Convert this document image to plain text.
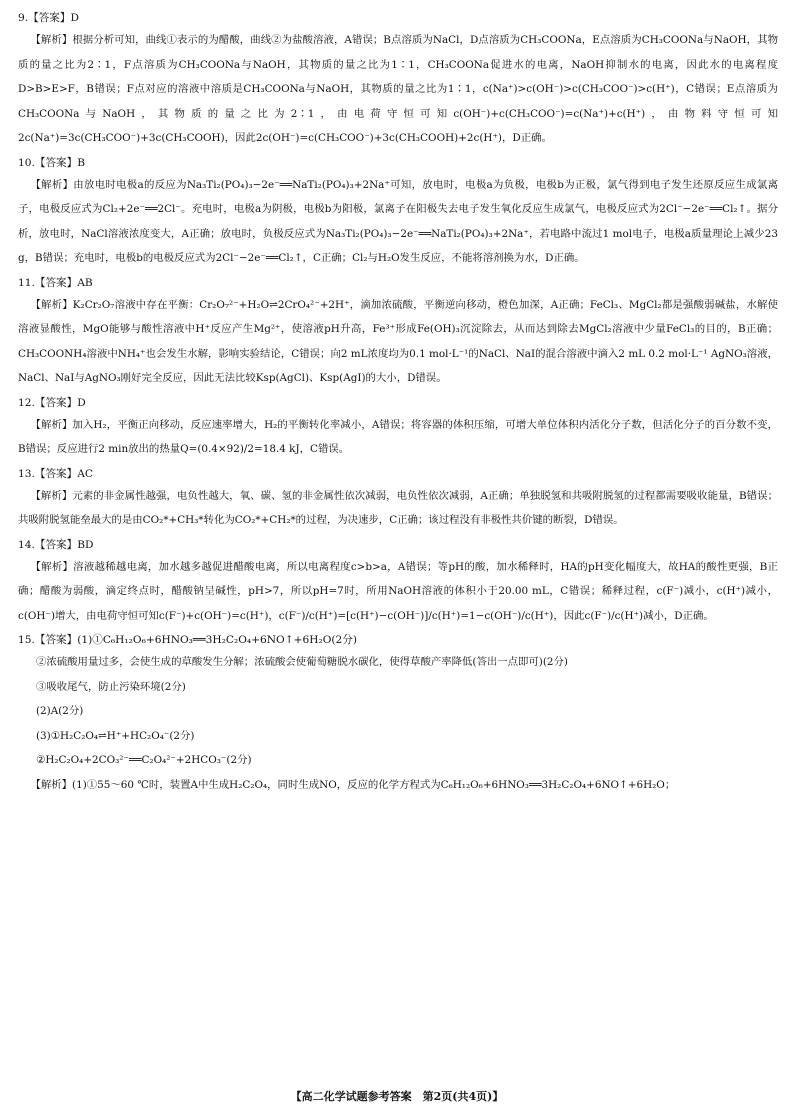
9.【答案】D

【解析】根据分析可知，曲线①表示的为醋酸，曲线②为盐酸溶液，A错误；B点溶质为NaCl，D点溶质为CH₃COONa，E点溶质为CH₃COONa与NaOH，其物质的量之比为2∶1，F点溶质为CH₃COONa与NaOH，其物质的量之比为1∶1，CH₃COONa促进水的电离，NaOH抑制水的电离，因此水的电离程度D>B>E>F，B错误；F点对应的溶液中溶质是CH₃COONa与NaOH，其物质的量之比为1∶1，c(Na⁺)>c(OH⁻)>c(CH₃COO⁻)>c(H⁺)，C错误；E点溶质为CH₃COONa与NaOH，其物质的量之比为2∶1，由电荷守恒可知c(OH⁻)+c(CH₃COO⁻)=c(Na⁺)+c(H⁺)，由物料守恒可知2c(Na⁺)=3c(CH₃COO⁻)+3c(CH₃COOH)，因此2c(OH⁻)=c(CH₃COO⁻)+3c(CH₃COOH)+2c(H⁺)，D正确。

10.【答案】B

【解析】由放电时电极a的反应为Na₃Ti₂(PO₄)₃−2e⁻══NaTi₂(PO₄)₃+2Na⁺可知，放电时，电极a为负极，电极b为正极，氯气得到电子发生还原反应生成氯离子，电极反应式为Cl₂+2e⁻══2Cl⁻。充电时，电极a为阴极，电极b为阳极，氯离子在阳极失去电子发生氧化反应生成氯气，电极反应式为2Cl⁻−2e⁻══Cl₂↑。据分析，放电时，NaCl溶液浓度变大，A正确；放电时，负极反应式为Na₃Ti₂(PO₄)₃−2e⁻══NaTi₂(PO₄)₃+2Na⁺，若电路中流过1 mol电子，电极a质量理论上减少23 g，B错误；充电时，电极b的电极反应式为2Cl⁻−2e⁻══Cl₂↑，C正确；Cl₂与H₂O发生反应，不能将溶剂换为水，D正确。

11.【答案】AB

【解析】K₂Cr₂O₇溶液中存在平衡：Cr₂O₇²⁻+H₂O⇌2CrO₄²⁻+2H⁺，滴加浓硫酸，平衡逆向移动，橙色加深，A正确；FeCl₃、MgCl₂都是强酸弱碱盐，水解使溶液显酸性，MgO能够与酸性溶液中H⁺反应产生Mg²⁺，使溶液pH升高，Fe³⁺形成Fe(OH)₃沉淀除去，从而达到除去MgCl₂溶液中少量FeCl₃的目的，B正确；CH₃COONH₄溶液中NH₄⁺也会发生水解，影响实验结论，C错误；向2 mL浓度均为0.1 mol·L⁻¹的NaCl、NaI的混合溶液中滴入2 mL 0.2 mol·L⁻¹ AgNO₃溶液，NaCl、NaI与AgNO₃刚好完全反应，因此无法比较Ksp(AgCl)、Ksp(AgI)的大小，D错误。

12.【答案】D

【解析】加入H₂，平衡正向移动，反应速率增大，H₂的平衡转化率减小，A错误；将容器的体积压缩，可增大单位体积内活化分子数，但活化分子的百分数不变，B错误；反应进行2 min放出的热量Q=(0.4×92)/2=18.4 kJ，C错误。

13.【答案】AC

【解析】元素的非金属性越强，电负性越大，氧、碳、氢的非金属性依次减弱，电负性依次减弱，A正确；单独脱氢和共吸附脱氢的过程都需要吸收能量，B错误；共吸附脱氢能垒最大的是由CO₂*+CH₃*转化为CO₂*+CH₂*的过程，为决速步，C正确；该过程没有非极性共价键的断裂，D错误。

14.【答案】BD

【解析】溶液越稀越电离，加水越多越促进醋酸电离，所以电离程度c>b>a，A错误；等pH的酸，加水稀释时，HA的pH变化幅度大，故HA的酸性更强，B正确；醋酸为弱酸，滴定终点时，醋酸钠呈碱性，pH>7，所以pH=7时，所用NaOH溶液的体积小于20.00 mL，C错误；稀释过程，c(F⁻)减小，c(H⁺)减小，c(OH⁻)增大，由电荷守恒可知c(F⁻)+c(OH⁻)=c(H⁺)，c(F⁻)/c(H⁺)=[c(H⁺)−c(OH⁻)]/c(H⁺)=1−c(OH⁻)/c(H⁺)，因此c(F⁻)/c(H⁺)减小，D正确。

15.【答案】(1)①C₆H₁₂O₆+6HNO₃══3H₂C₂O₄+6NO↑+6H₂O(2分)

②浓硫酸用量过多，会使生成的草酸发生分解；浓硫酸会使葡萄糖脱水碳化，使得草酸产率降低(答出一点即可)(2分)

③吸收尾气，防止污染环境(2分)

(2)A(2分)

(3)①H₂C₂O₄⇌H⁺+HC₂O₄⁻(2分)

②H₂C₂O₄+2CO₃²⁻══C₂O₄²⁻+2HCO₃⁻(2分)

【解析】(1)①55～60 ℃时，装置A中生成H₂C₂O₄，同时生成NO，反应的化学方程式为C₆H₁₂O₆+6HNO₃══3H₂C₂O₄+6NO↑+6H₂O；

【高二化学试题参考答案　第2页(共4页)】
